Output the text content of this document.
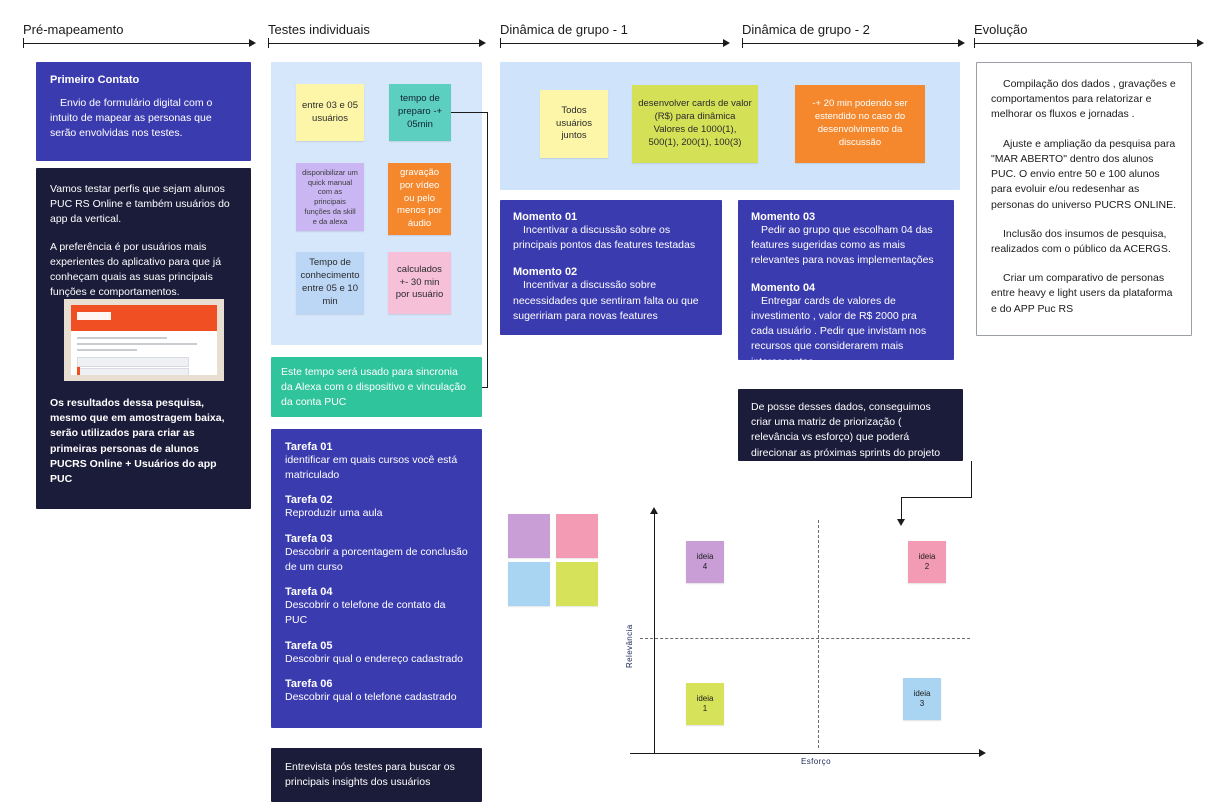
Pré-mapeamento	Testes individuais	Dinâmica de grupo - 1	Dinâmica de grupo - 2	Evolução
Primeiro Contato
Envio de formulário digital com o intuito de mapear as personas que serão envolvidas nos testes.
Vamos testar perfis que sejam alunos PUC RS Online e também usuários do app da vertical.
A preferência é por usuários mais experientes do aplicativo para que já conheçam quais as suas principais funções e comportamentos.
Os resultados dessa pesquisa, mesmo que em amostragem baixa, serão utilizados para criar as primeiras personas de alunos PUCRS Online + Usuários do app PUC
entre 03 e 05 usuários
tempo de preparo -+ 05min
disponibilizar um quick manual com as principais funções da skill e da alexa
gravação por vídeo ou pelo menos por áudio
Tempo de conhecimento entre 05 e 10 min
calculados +- 30 min por usuário
Este tempo será usado para sincronia da Alexa com o dispositivo e vinculação da conta PUC
Tarefa 01
identificar em quais cursos você está matriculado
Tarefa 02
Reproduzir uma aula
Tarefa 03
Descobrir a porcentagem de conclusão de um curso
Tarefa 04
Descobrir o telefone de contato da PUC
Tarefa 05
Descobrir qual o endereço cadastrado
Tarefa 06
Descobrir qual o telefone cadastrado
Entrevista pós testes para buscar os principais insights dos usuários
Todos usuários juntos
desenvolver cards de valor (R$) para dinâmica Valores de 1000(1), 500(1), 200(1), 100(3)
-+ 20 min podendo ser estendido no caso do desenvolvimento da discussão
Momento 01
Incentivar a discussão sobre os principais pontos das features testadas
Momento 02
Incentivar a discussão sobre necessidades que sentiram falta ou que sugeririam para novas features
Momento 03
Pedir ao grupo que escolham 04 das features sugeridas como as mais relevantes para novas implementações
Momento 04
Entregar cards de valores de investimento , valor de R$ 2000 pra cada usuário . Pedir que invistam nos recursos que considerarem mais interessantes
De posse desses dados, conseguimos criar uma matriz de priorização ( relevância vs esforço) que poderá direcionar as próximas sprints do projeto
Compilação dos dados , gravações e comportamentos para relatorizar e melhorar os fluxos e jornadas .
Ajuste e ampliação da pesquisa para "MAR ABERTO" dentro dos alunos PUC. O envio entre 50 e 100 alunos para evoluir e/ou redesenhar as personas do universo PUCRS ONLINE.
Inclusão dos insumos de pesquisa, realizados com o público da ACERGS.
Criar um comparativo de personas entre heavy e light users da plataforma e do APP Puc RS
Relevância
Esforço
ideia
4
ideia
2
ideia
1
ideia
3
